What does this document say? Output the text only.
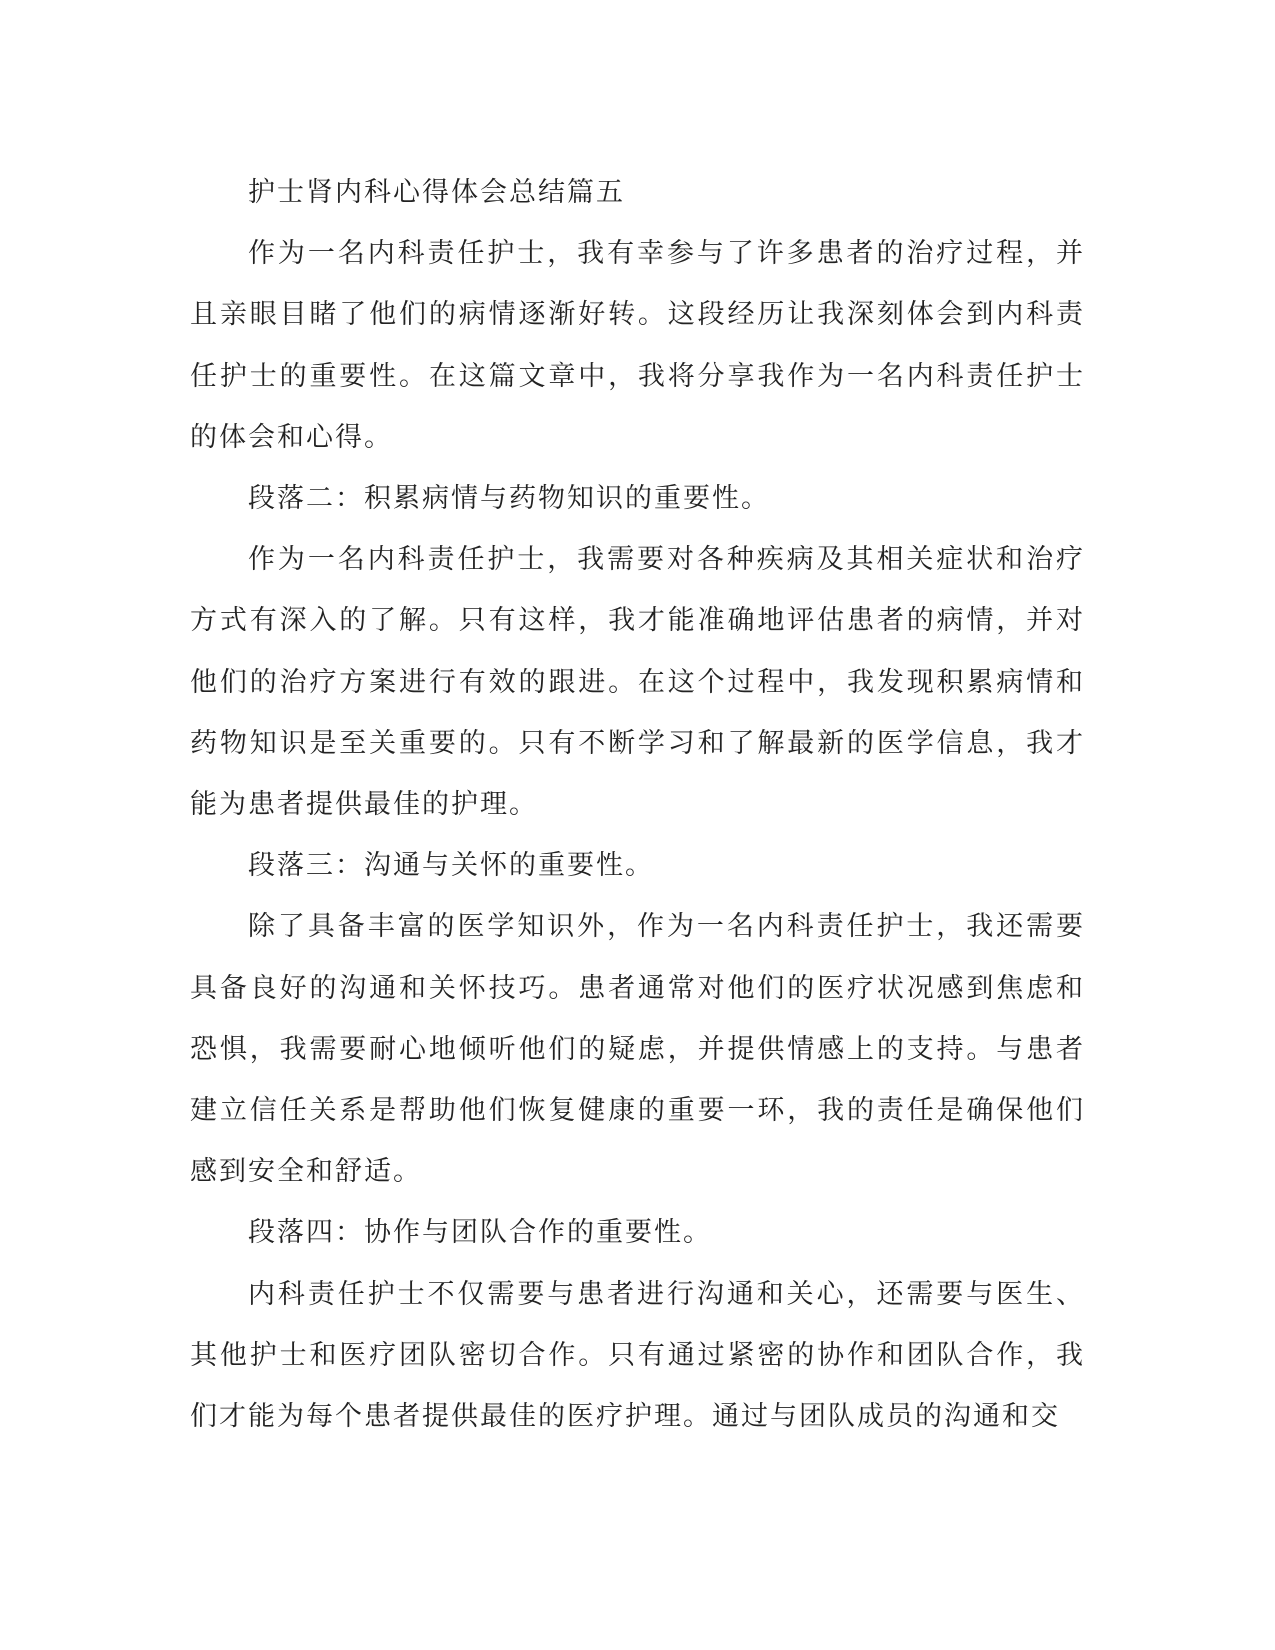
护士肾内科心得体会总结篇五

作为一名内科责任护士，我有幸参与了许多患者的治疗过程，并且亲眼目睹了他们的病情逐渐好转。这段经历让我深刻体会到内科责任护士的重要性。在这篇文章中，我将分享我作为一名内科责任护士的体会和心得。

段落二：积累病情与药物知识的重要性。

作为一名内科责任护士，我需要对各种疾病及其相关症状和治疗方式有深入的了解。只有这样，我才能准确地评估患者的病情，并对他们的治疗方案进行有效的跟进。在这个过程中，我发现积累病情和药物知识是至关重要的。只有不断学习和了解最新的医学信息，我才能为患者提供最佳的护理。

段落三：沟通与关怀的重要性。

除了具备丰富的医学知识外，作为一名内科责任护士，我还需要具备良好的沟通和关怀技巧。患者通常对他们的医疗状况感到焦虑和恐惧，我需要耐心地倾听他们的疑虑，并提供情感上的支持。与患者建立信任关系是帮助他们恢复健康的重要一环，我的责任是确保他们感到安全和舒适。

段落四：协作与团队合作的重要性。

内科责任护士不仅需要与患者进行沟通和关心，还需要与医生、其他护士和医疗团队密切合作。只有通过紧密的协作和团队合作，我们才能为每个患者提供最佳的医疗护理。通过与团队成员的沟通和交
